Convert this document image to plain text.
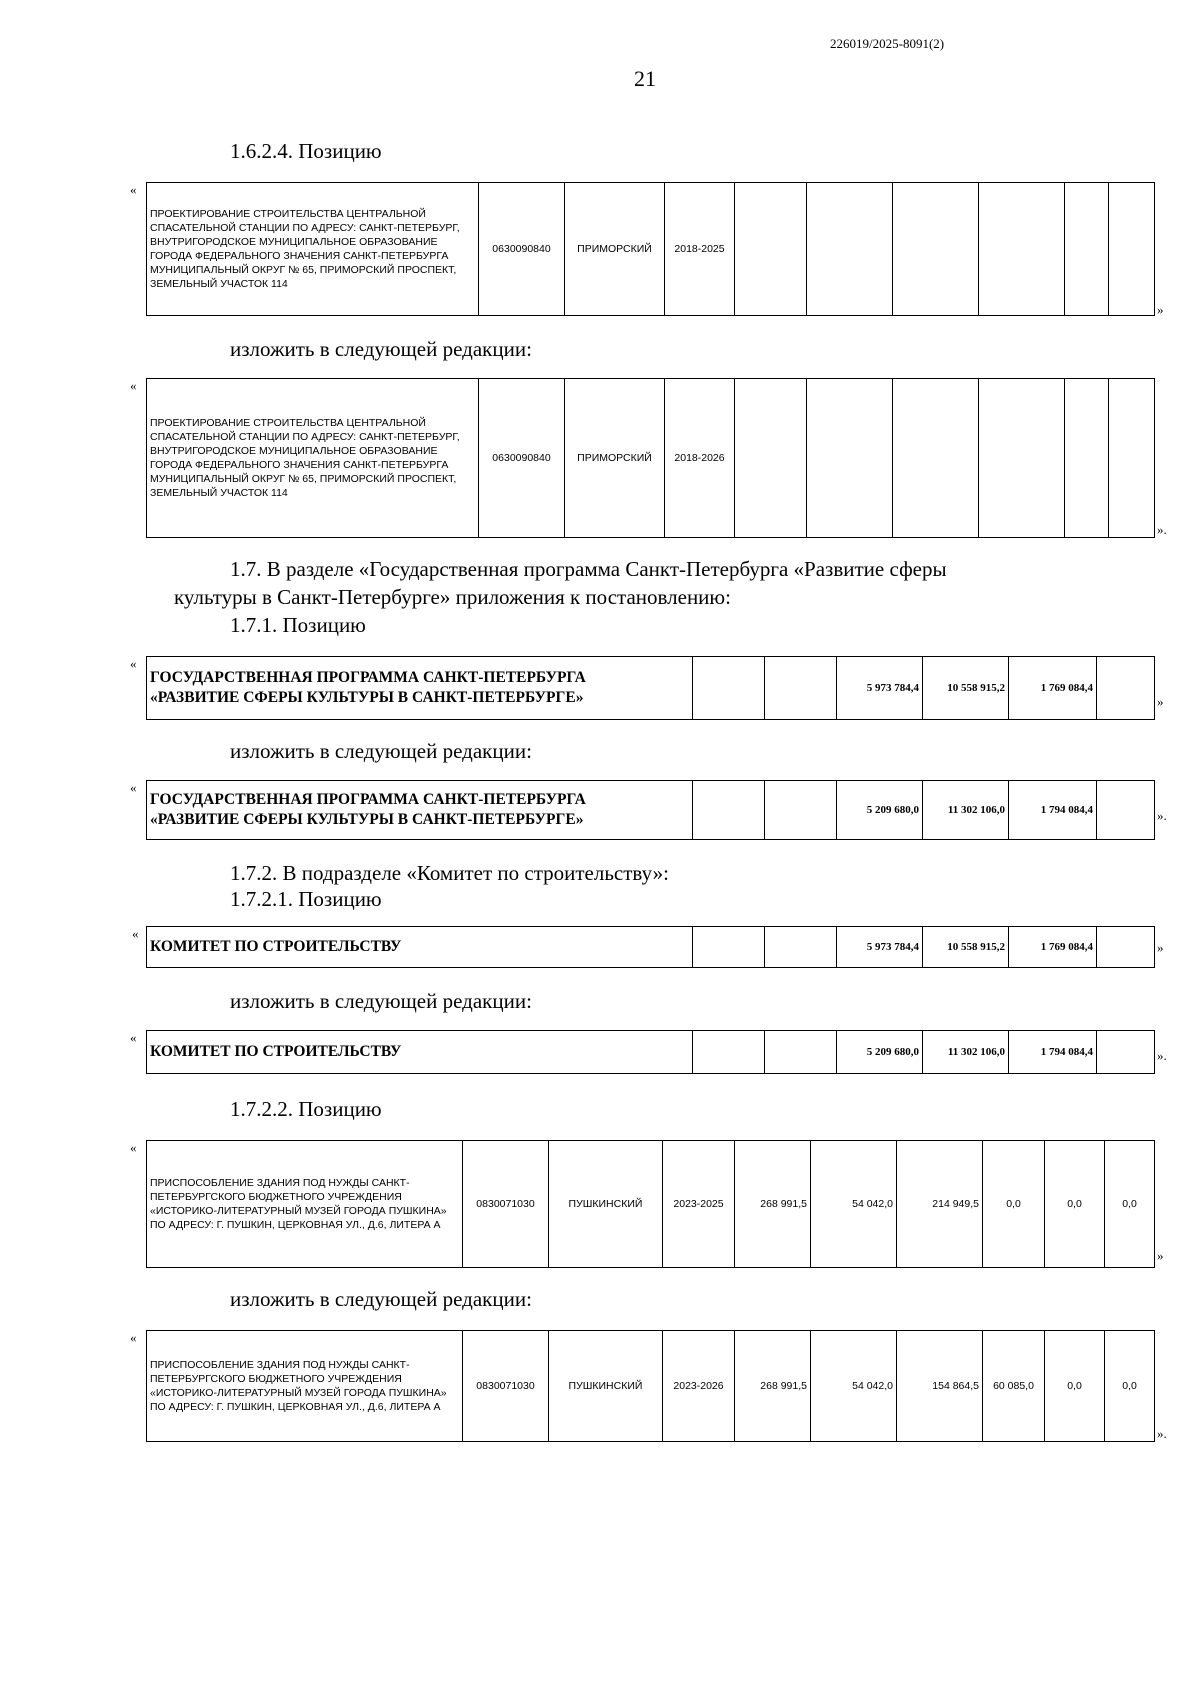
226019/2025-8091(2)
21
1.6.2.4. Позицию
«
ПРОЕКТИРОВАНИЕ СТРОИТЕЛЬСТВА ЦЕНТРАЛЬНОЙ СПАСАТЕЛЬНОЙ СТАНЦИИ ПО АДРЕСУ: САНКТ-ПЕТЕРБУРГ, ВНУТРИГОРОДСКОЕ МУНИЦИПАЛЬНОЕ ОБРАЗОВАНИЕ ГОРОДА ФЕДЕРАЛЬНОГО ЗНАЧЕНИЯ САНКТ-ПЕТЕРБУРГА МУНИЦИПАЛЬНЫЙ ОКРУГ № 65, ПРИМОРСКИЙ ПРОСПЕКТ, ЗЕМЕЛЬНЫЙ УЧАСТОК 114	0630090840	ПРИМОРСКИЙ	2018-2025						
»
изложить в следующей редакции:
«
ПРОЕКТИРОВАНИЕ СТРОИТЕЛЬСТВА ЦЕНТРАЛЬНОЙ СПАСАТЕЛЬНОЙ СТАНЦИИ ПО АДРЕСУ: САНКТ-ПЕТЕРБУРГ, ВНУТРИГОРОДСКОЕ МУНИЦИПАЛЬНОЕ ОБРАЗОВАНИЕ ГОРОДА ФЕДЕРАЛЬНОГО ЗНАЧЕНИЯ САНКТ-ПЕТЕРБУРГА МУНИЦИПАЛЬНЫЙ ОКРУГ № 65, ПРИМОРСКИЙ ПРОСПЕКТ, ЗЕМЕЛЬНЫЙ УЧАСТОК 114	0630090840	ПРИМОРСКИЙ	2018-2026						
».
1.7. В разделе «Государственная программа Санкт-Петербурга «Развитие сферы
культуры в Санкт-Петербурге» приложения к постановлению:
1.7.1. Позицию
«
ГОСУДАРСТВЕННАЯ ПРОГРАММА САНКТ-ПЕТЕРБУРГА
«РАЗВИТИЕ СФЕРЫ КУЛЬТУРЫ В САНКТ-ПЕТЕРБУРГЕ»			5 973 784,4	10 558 915,2	1 769 084,4	
»
изложить в следующей редакции:
«
ГОСУДАРСТВЕННАЯ ПРОГРАММА САНКТ-ПЕТЕРБУРГА
«РАЗВИТИЕ СФЕРЫ КУЛЬТУРЫ В САНКТ-ПЕТЕРБУРГЕ»			5 209 680,0	11 302 106,0	1 794 084,4		».
1.7.2. В подразделе «Комитет по строительству»:
1.7.2.1. Позицию
«
КОМИТЕТ ПО СТРОИТЕЛЬСТВУ			5 973 784,4	10 558 915,2	1 769 084,4		»
изложить в следующей редакции:
«
КОМИТЕТ ПО СТРОИТЕЛЬСТВУ			5 209 680,0	11 302 106,0	1 794 084,4		».
1.7.2.2. Позицию
«
ПРИСПОСОБЛЕНИЕ ЗДАНИЯ ПОД НУЖДЫ САНКТ-ПЕТЕРБУРГСКОГО БЮДЖЕТНОГО УЧРЕЖДЕНИЯ «ИСТОРИКО-ЛИТЕРАТУРНЫЙ МУЗЕЙ ГОРОДА ПУШКИНА» ПО АДРЕСУ: Г. ПУШКИН, ЦЕРКОВНАЯ УЛ., Д.6, ЛИТЕРА А	0830071030	ПУШКИНСКИЙ	2023-2025	268 991,5	54 042,0	214 949,5	0,0	0,0	0,0
»
изложить в следующей редакции:
«
ПРИСПОСОБЛЕНИЕ ЗДАНИЯ ПОД НУЖДЫ САНКТ-ПЕТЕРБУРГСКОГО БЮДЖЕТНОГО УЧРЕЖДЕНИЯ «ИСТОРИКО-ЛИТЕРАТУРНЫЙ МУЗЕЙ ГОРОДА ПУШКИНА» ПО АДРЕСУ: Г. ПУШКИН, ЦЕРКОВНАЯ УЛ., Д.6, ЛИТЕРА А	0830071030	ПУШКИНСКИЙ	2023-2026	268 991,5	54 042,0	154 864,5	60 085,0	0,0	0,0
».
